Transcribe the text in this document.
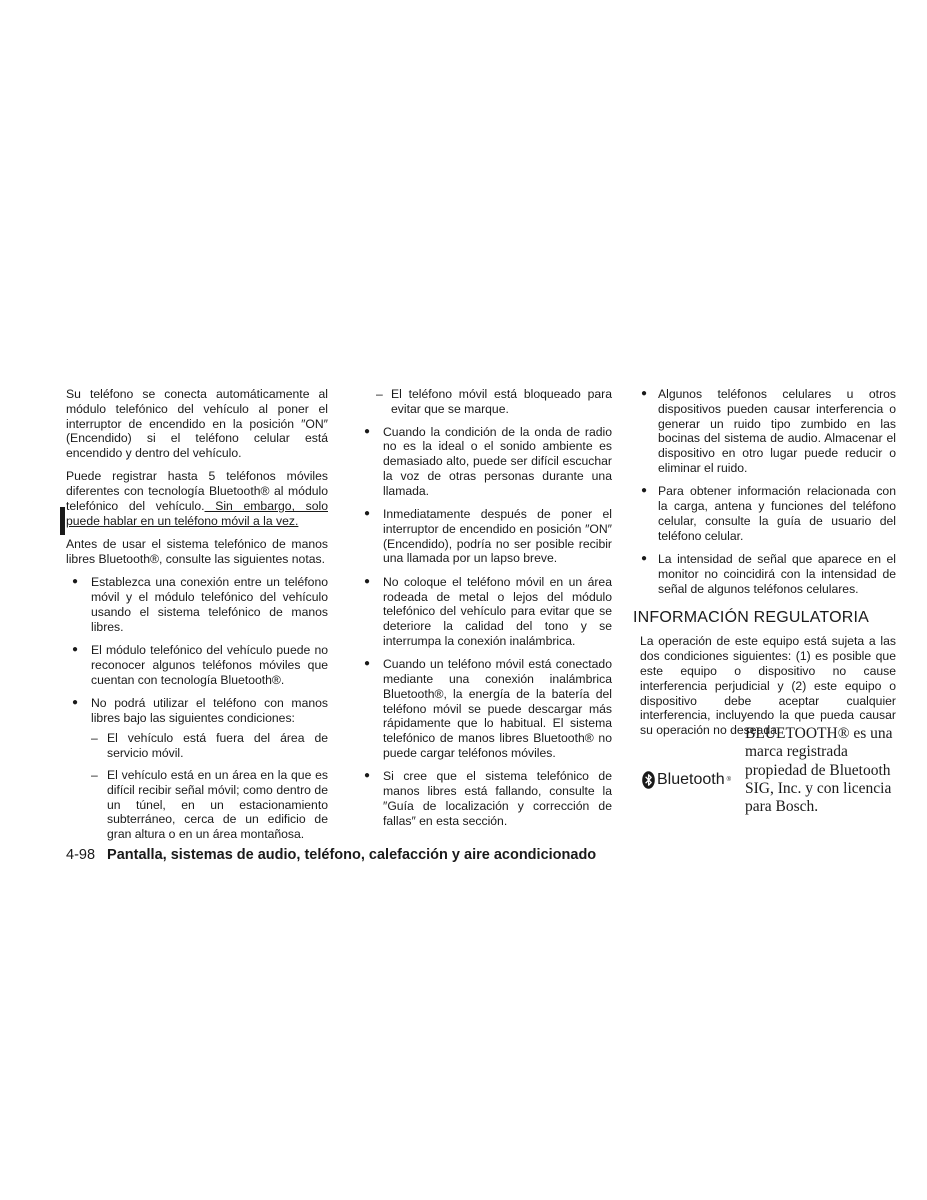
Su teléfono se conecta automáticamente al módulo telefónico del vehículo al poner el interruptor de encendido en la posición ″ON″ (Encendido) si el teléfono celular está encendido y dentro del vehículo.

Puede registrar hasta 5 teléfonos móviles diferentes con tecnología Bluetooth® al módulo telefónico del vehículo. Sin embargo, solo puede hablar en un teléfono móvil a la vez.

Antes de usar el sistema telefónico de manos libres Bluetooth®, consulte las siguientes notas.

● Establezca una conexión entre un teléfono móvil y el módulo telefónico del vehículo usando el sistema telefónico de manos libres.
● El módulo telefónico del vehículo puede no reconocer algunos teléfonos móviles que cuentan con tecnología Bluetooth®.
● No podrá utilizar el teléfono con manos libres bajo las siguientes condiciones:
– El vehículo está fuera del área de servicio móvil.
– El vehículo está en un área en la que es difícil recibir señal móvil; como dentro de un túnel, en un estacionamiento subterráneo, cerca de un edificio de gran altura o en un área montañosa.
– El teléfono móvil está bloqueado para evitar que se marque.
● Cuando la condición de la onda de radio no es la ideal o el sonido ambiente es demasiado alto, puede ser difícil escuchar la voz de otras personas durante una llamada.
● Inmediatamente después de poner el interruptor de encendido en posición ″ON″ (Encendido), podría no ser posible recibir una llamada por un lapso breve.
● No coloque el teléfono móvil en un área rodeada de metal o lejos del módulo telefónico del vehículo para evitar que se deteriore la calidad del tono y se interrumpa la conexión inalámbrica.
● Cuando un teléfono móvil está conectado mediante una conexión inalámbrica Bluetooth®, la energía de la batería del teléfono móvil se puede descargar más rápidamente que lo habitual. El sistema telefónico de manos libres Bluetooth® no puede cargar teléfonos móviles.
● Si cree que el sistema telefónico de manos libres está fallando, consulte la ″Guía de localización y corrección de fallas″ en esta sección.
● Algunos teléfonos celulares u otros dispositivos pueden causar interferencia o generar un ruido tipo zumbido en las bocinas del sistema de audio. Almacenar el dispositivo en otro lugar puede reducir o eliminar el ruido.
● Para obtener información relacionada con la carga, antena y funciones del teléfono celular, consulte la guía de usuario del teléfono celular.
● La intensidad de señal que aparece en el monitor no coincidirá con la intensidad de señal de algunos teléfonos celulares.
INFORMACIÓN REGULATORIA

La operación de este equipo está sujeta a las dos condiciones siguientes: (1) es posible que este equipo o dispositivo no cause interferencia perjudicial y (2) este equipo o dispositivo debe aceptar cualquier interferencia, incluyendo la que pueda causar su operación no deseada.

Bluetooth ®
BLUETOOTH® es una marca registrada propiedad de Bluetooth SIG, Inc. y con licencia para Bosch.
4-98 Pantalla, sistemas de audio, teléfono, calefacción y aire acondicionado
